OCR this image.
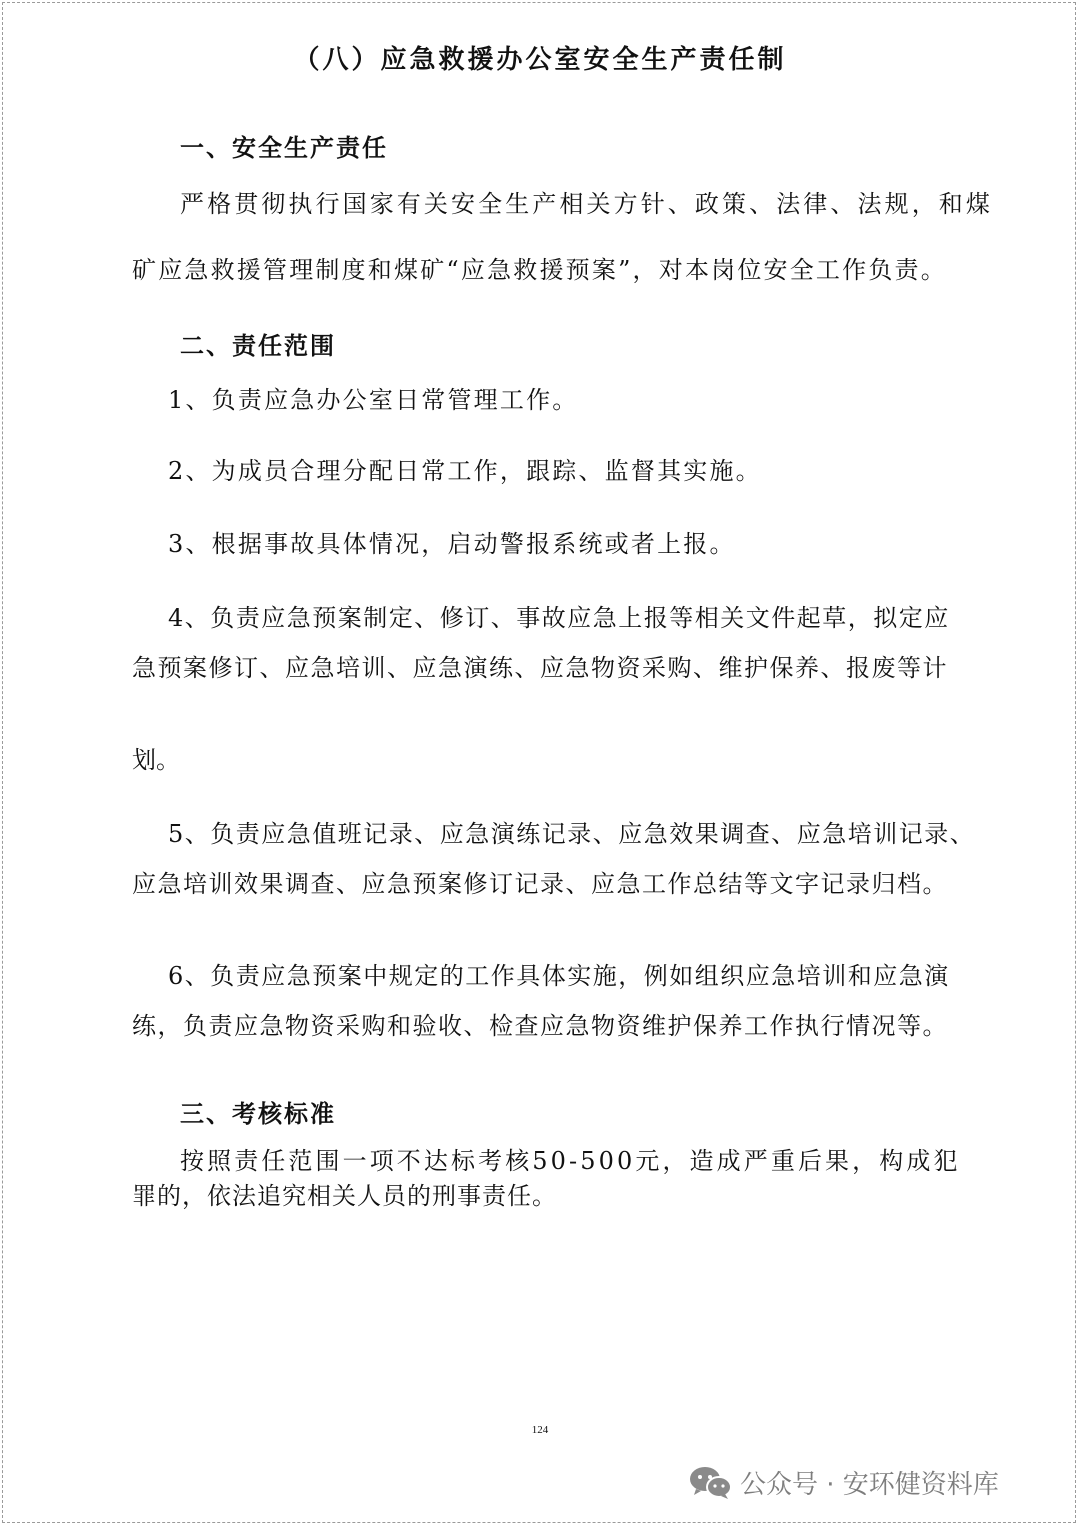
（八）应急救援办公室安全生产责任制
一、安全生产责任
严格贯彻执行国家有关安全生产相关方针、政策、法律、法规，和煤
矿应急救援管理制度和煤矿“应急救援预案”，对本岗位安全工作负责。
二、责任范围
1、负责应急办公室日常管理工作。
2、为成员合理分配日常工作，跟踪、监督其实施。
3、根据事故具体情况，启动警报系统或者上报。
4、负责应急预案制定、修订、事故应急上报等相关文件起草，拟定应
急预案修订、应急培训、应急演练、应急物资采购、维护保养、报废等计
划。
5、负责应急值班记录、应急演练记录、应急效果调查、应急培训记录、
应急培训效果调查、应急预案修订记录、应急工作总结等文字记录归档。
6、负责应急预案中规定的工作具体实施，例如组织应急培训和应急演
练，负责应急物资采购和验收、检查应急物资维护保养工作执行情况等。
三、考核标准
按照责任范围一项不达标考核50-500元，造成严重后果，构成犯
罪的，依法追究相关人员的刑事责任。
124
公众号 · 安环健资料库
